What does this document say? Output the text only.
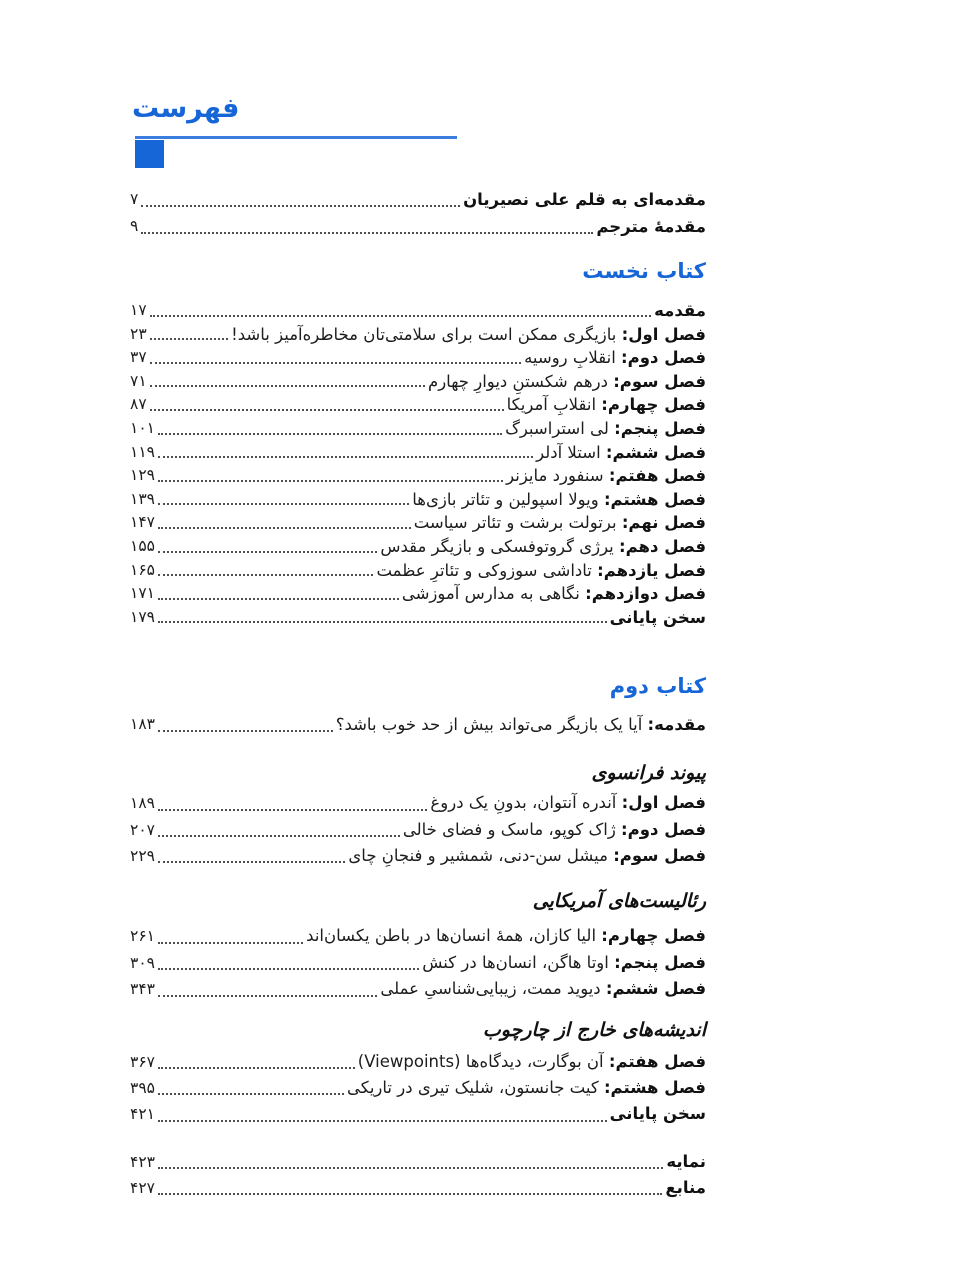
فهرست
مقدمه‌ای به قلم علی نصیریان
۷
مقدمهٔ مترجم
۹
کتاب نخست
مقدمه
۱۷
فصل اول: بازیگری ممکن است برای سلامتی‌تان مخاطره‌آمیز باشد!
۲۳
فصل دوم: انقلابِ روسیه
۳۷
فصل سوم: درهم شکستنِ دیوارِ چهارم
۷۱
فصل چهارم: انقلابِ آمریکا
۸۷
فصل پنجم: لی استراسبرگ
۱۰۱
فصل ششم: استلا آدلر
۱۱۹
فصل هفتم: سنفورد مایزنر
۱۲۹
فصل هشتم: ویولا اسپولین و تئاتر بازی‌ها
۱۳۹
فصل نهم: برتولت برشت و تئاتر سیاست
۱۴۷
فصل دهم: یرژی گروتوفسکی و بازیگر مقدس
۱۵۵
فصل یازدهم: تاداشی سوزوکی و تئاترِ عظمت
۱۶۵
فصل دوازدهم: نگاهی به مدارس آموزشی
۱۷۱
سخن پایانی
۱۷۹
کتاب دوم
مقدمه: آیا یک بازیگر می‌تواند بیش از حد خوب باشد؟
۱۸۳
پیوند فرانسوی
فصل اول: آندره آنتوان، بدونِ یک دروغ
۱۸۹
فصل دوم: ژاک کوپو، ماسک و فضای خالی
۲۰۷
فصل سوم: میشل سن-دنی، شمشیر و فنجانِ چای
۲۲۹
رئالیست‌های آمریکایی
فصل چهارم: الیا کازان، همهٔ انسان‌ها در باطن یکسان‌اند
۲۶۱
فصل پنجم: اوتا هاگن، انسان‌ها در کنش
۳۰۹
فصل ششم: دیوید ممت، زیبایی‌شناسیِ عملی
۳۴۳
اندیشه‌های خارج از چارچوب
فصل هفتم: آن بوگارت، دیدگاه‌ها (Viewpoints)
۳۶۷
فصل هشتم: کیت جانستون، شلیک تیری در تاریکی
۳۹۵
سخن پایانی
۴۲۱
نمایه
۴۲۳
منابع
۴۲۷
